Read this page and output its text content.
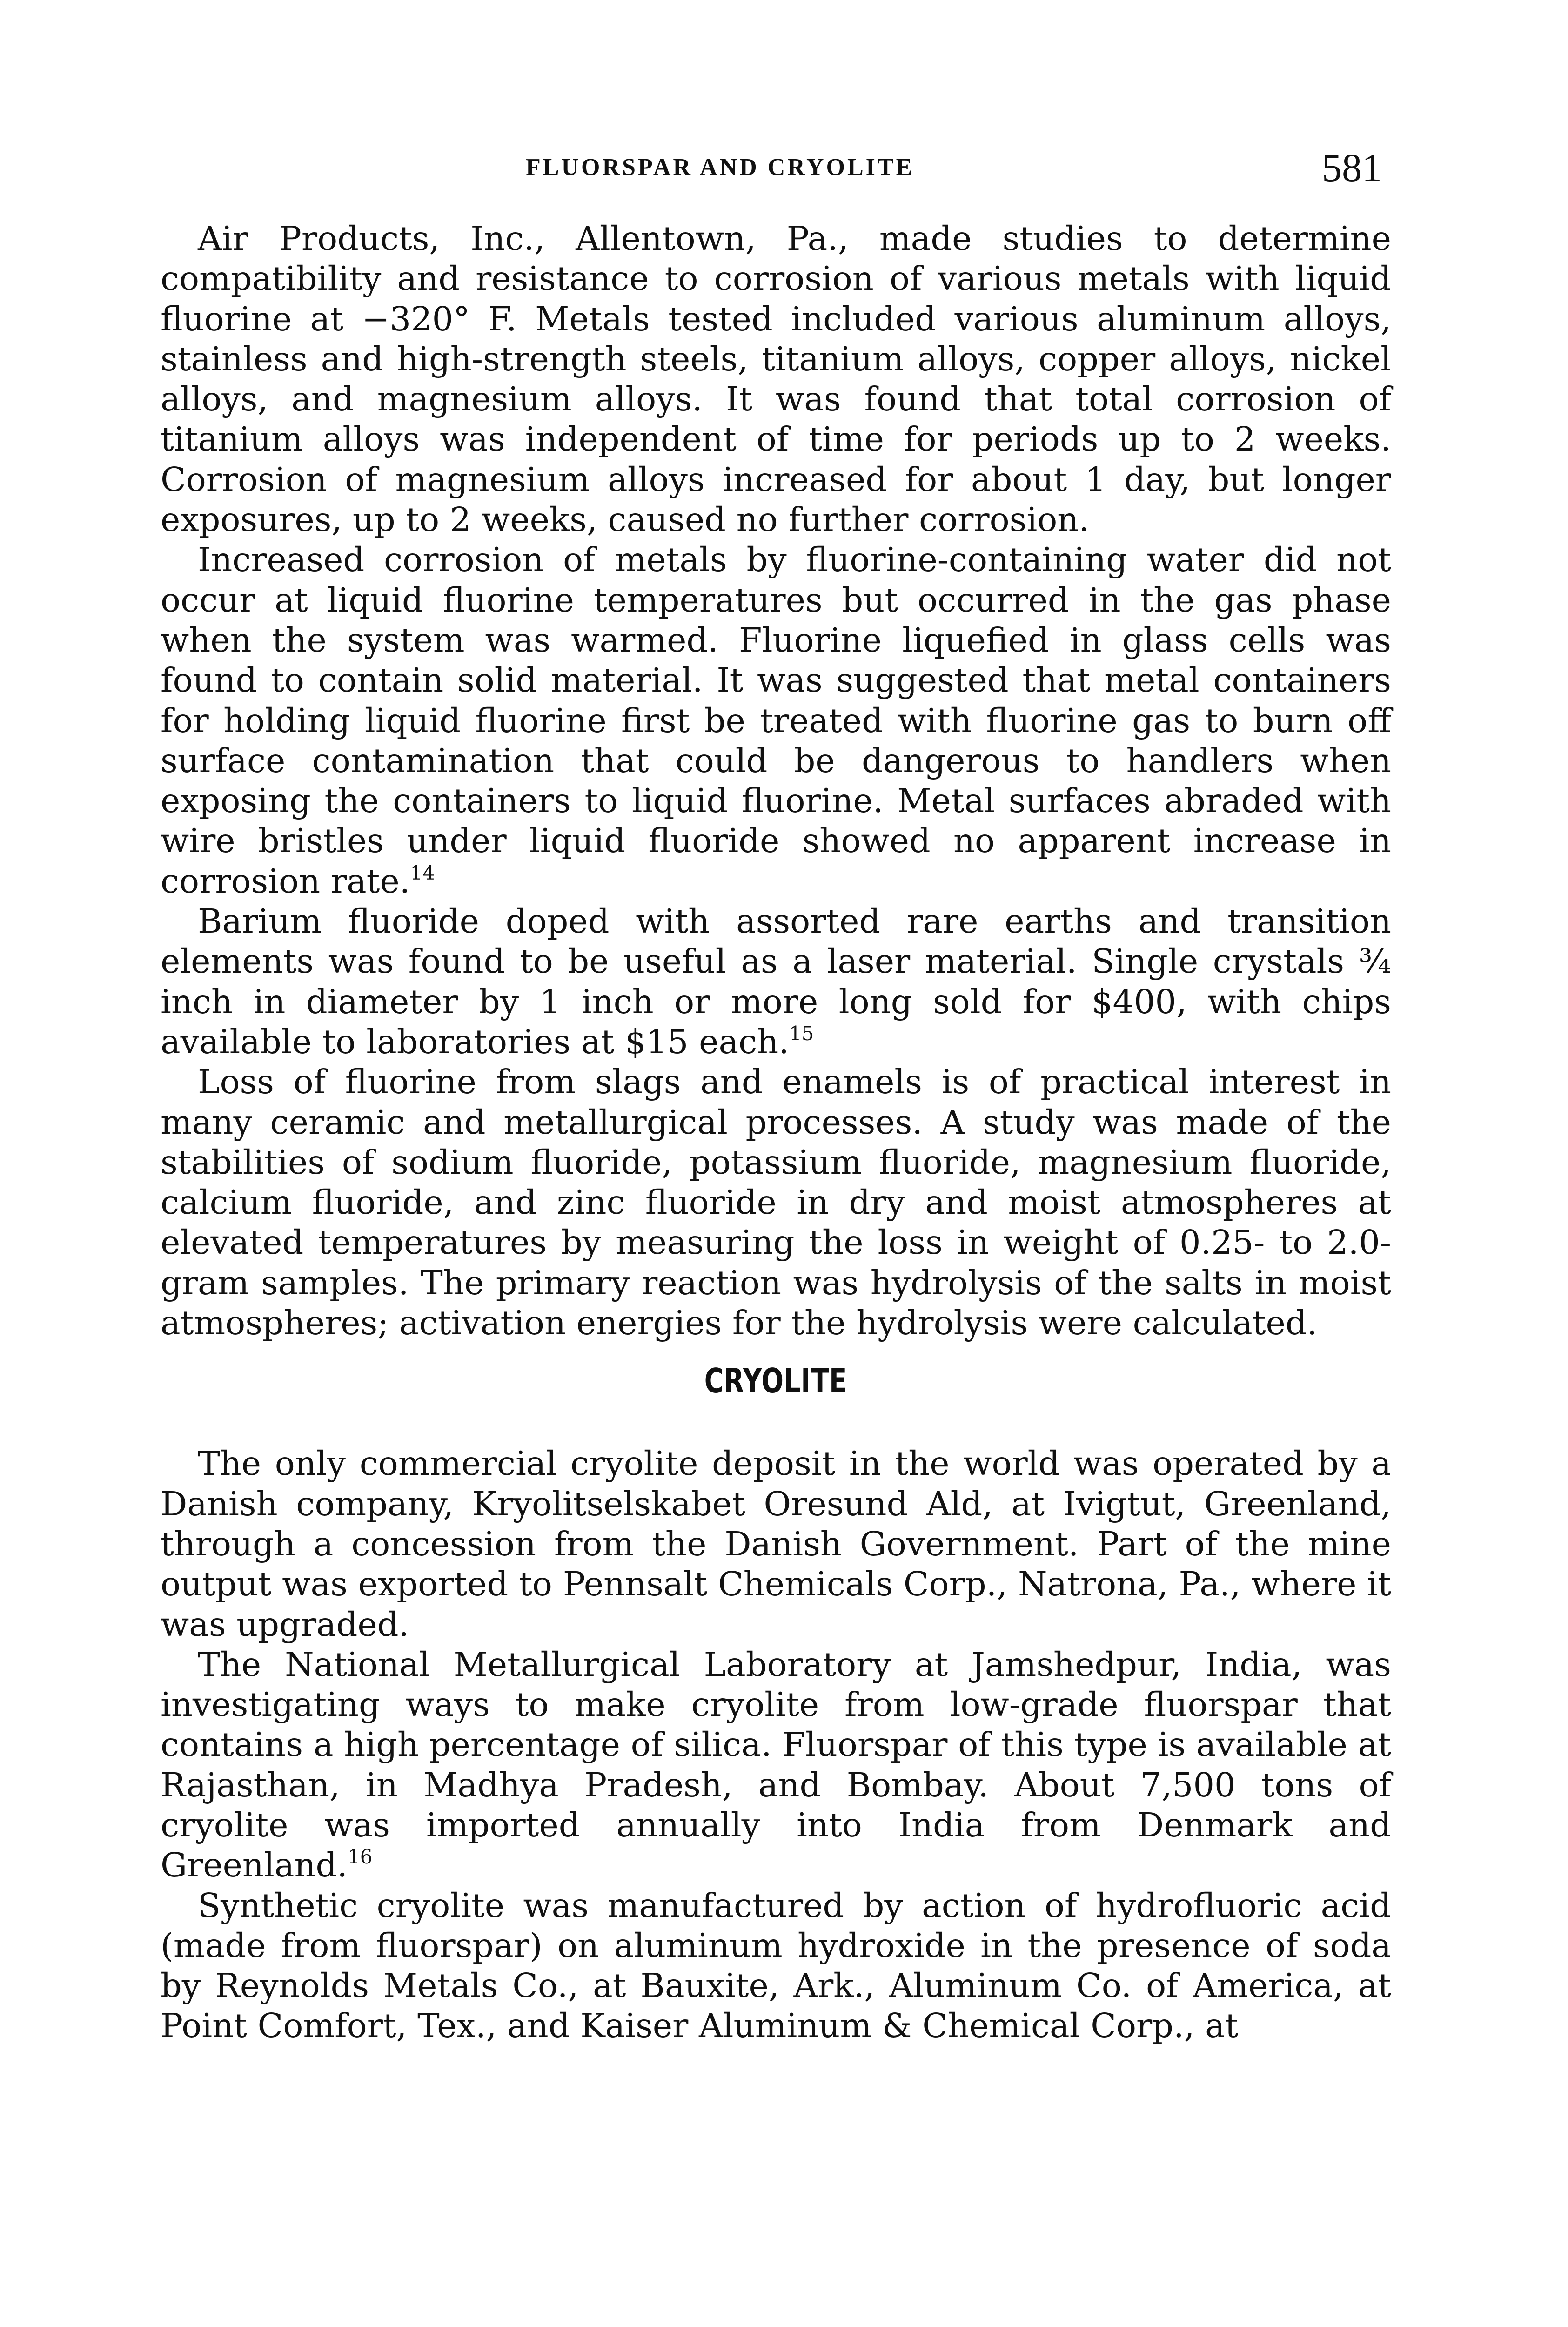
FLUORSPAR AND CRYOLITE	581

Air Products, Inc., Allentown, Pa., made studies to determine compatibility and resistance to corrosion of various metals with liquid fluorine at −320° F. Metals tested included various aluminum alloys, stainless and high-strength steels, titanium alloys, copper alloys, nickel alloys, and magnesium alloys. It was found that total corrosion of titanium alloys was independent of time for periods up to 2 weeks. Corrosion of magnesium alloys increased for about 1 day, but longer exposures, up to 2 weeks, caused no further corrosion.

Increased corrosion of metals by fluorine-containing water did not occur at liquid fluorine temperatures but occurred in the gas phase when the system was warmed. Fluorine liquefied in glass cells was found to contain solid material. It was suggested that metal containers for holding liquid fluorine first be treated with fluorine gas to burn off surface contamination that could be dangerous to handlers when exposing the containers to liquid fluorine. Metal surfaces abraded with wire bristles under liquid fluoride showed no apparent increase in corrosion rate.$^{14}$

Barium fluoride doped with assorted rare earths and transition elements was found to be useful as a laser material. Single crystals ¾ inch in diameter by 1 inch or more long sold for $400, with chips available to laboratories at $15 each.$^{15}$

Loss of fluorine from slags and enamels is of practical interest in many ceramic and metallurgical processes. A study was made of the stabilities of sodium fluoride, potassium fluoride, magnesium fluoride, calcium fluoride, and zinc fluoride in dry and moist atmospheres at elevated temperatures by measuring the loss in weight of 0.25- to 2.0-gram samples. The primary reaction was hydrolysis of the salts in moist atmospheres; activation energies for the hydrolysis were calculated.

CRYOLITE

The only commercial cryolite deposit in the world was operated by a Danish company, Kryolitselskabet Oresund Ald, at Ivigtut, Greenland, through a concession from the Danish Government. Part of the mine output was exported to Pennsalt Chemicals Corp., Natrona, Pa., where it was upgraded.

The National Metallurgical Laboratory at Jamshedpur, India, was investigating ways to make cryolite from low-grade fluorspar that contains a high percentage of silica. Fluorspar of this type is available at Rajasthan, in Madhya Pradesh, and Bombay. About 7,500 tons of cryolite was imported annually into India from Denmark and Greenland.$^{16}$

Synthetic cryolite was manufactured by action of hydrofluoric acid (made from fluorspar) on aluminum hydroxide in the presence of soda by Reynolds Metals Co., at Bauxite, Ark., Aluminum Co. of America, at Point Comfort, Tex., and Kaiser Aluminum & Chemical Corp., at
